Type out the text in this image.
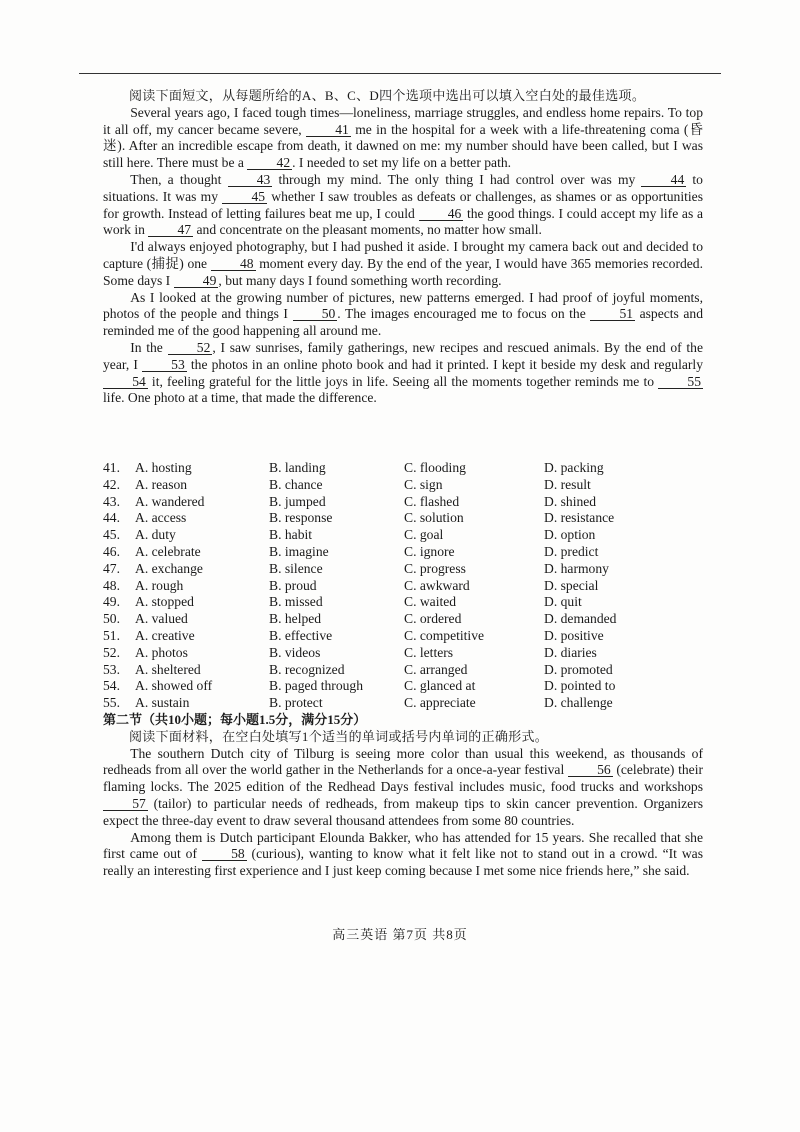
阅读下面短文，从每题所给的A、B、C、D四个选项中选出可以填入空白处的最佳选项。

Several years ago, I faced tough times—loneliness, marriage struggles, and endless home repairs. To top it all off, my cancer became severe, 41 me in the hospital for a week with a life-threatening coma (昏迷). After an incredible escape from death, it dawned on me: my number should have been called, but I was still here. There must be a 42 . I needed to set my life on a better path.

Then, a thought 43 through my mind. The only thing I had control over was my 44 to situations. It was my 45 whether I saw troubles as defeats or challenges, as shames or as opportunities for growth. Instead of letting failures beat me up, I could 46 the good things. I could accept my life as a work in 47 and concentrate on the pleasant moments, no matter how small.

I'd always enjoyed photography, but I had pushed it aside. I brought my camera back out and decided to capture (捕捉) one 48 moment every day. By the end of the year, I would have 365 memories recorded. Some days I 49 , but many days I found something worth recording.

As I looked at the growing number of pictures, new patterns emerged. I had proof of joyful moments, photos of the people and things I 50 . The images encouraged me to focus on the 51 aspects and reminded me of the good happening all around me.

In the 52 , I saw sunrises, family gatherings, new recipes and rescued animals. By the end of the year, I 53 the photos in an online photo book and had it printed. I kept it beside my desk and regularly 54 it, feeling grateful for the little joys in life. Seeing all the moments together reminds me to 55 life. One photo at a time, that made the difference.

41.	A. hosting	B. landing	C. flooding	D. packing
42.	A. reason	B. chance	C. sign	D. result
43.	A. wandered	B. jumped	C. flashed	D. shined
44.	A. access	B. response	C. solution	D. resistance
45.	A. duty	B. habit	C. goal	D. option
46.	A. celebrate	B. imagine	C. ignore	D. predict
47.	A. exchange	B. silence	C. progress	D. harmony
48.	A. rough	B. proud	C. awkward	D. special
49.	A. stopped	B. missed	C. waited	D. quit
50.	A. valued	B. helped	C. ordered	D. demanded
51.	A. creative	B. effective	C. competitive	D. positive
52.	A. photos	B. videos	C. letters	D. diaries
53.	A. sheltered	B. recognized	C. arranged	D. promoted
54.	A. showed off	B. paged through	C. glanced at	D. pointed to
55.	A. sustain	B. protect	C. appreciate	D. challenge

第二节（共10小题；每小题1.5分，满分15分）

阅读下面材料，在空白处填写1个适当的单词或括号内单词的正确形式。

The southern Dutch city of Tilburg is seeing more color than usual this weekend, as thousands of redheads from all over the world gather in the Netherlands for a once-a-year festival 56 (celebrate) their flaming locks. The 2025 edition of the Redhead Days festival includes music, food trucks and workshops 57 (tailor) to particular needs of redheads, from makeup tips to skin cancer prevention. Organizers expect the three-day event to draw several thousand attendees from some 80 countries.

Among them is Dutch participant Elounda Bakker, who has attended for 15 years. She recalled that she first came out of 58 (curious), wanting to know what it felt like not to stand out in a crowd. “It was really an interesting first experience and I just keep coming because I met some nice friends here,” she said.

高三英语 第7页 共8页
